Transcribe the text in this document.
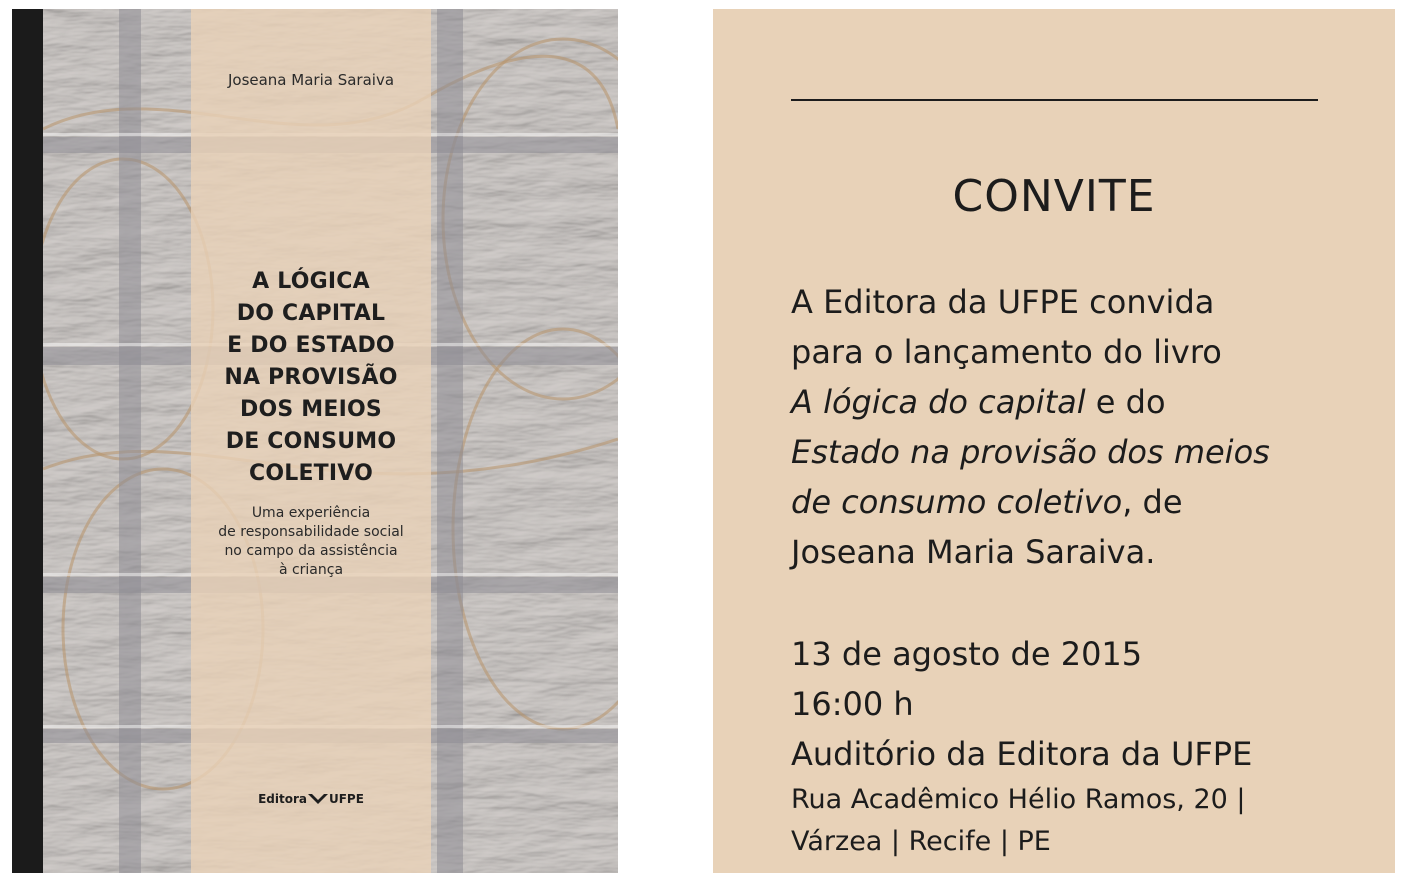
Joseana Maria Saraiva
A LÓGICA
DO CAPITAL
E DO ESTADO
NA PROVISÃO
DOS MEIOS
DE CONSUMO
COLETIVO
Uma experiência
de responsabilidade social
no campo da assistência
à criança
Editora UFPE
CONVITE
A Editora da UFPE convida
para o lançamento do livro
A lógica do capital e do
Estado na provisão dos meios
de consumo coletivo, de
Joseana Maria Saraiva.
13 de agosto de 2015
16:00 h
Auditório da Editora da UFPE
Rua Acadêmico Hélio Ramos, 20 |
Várzea | Recife | PE
